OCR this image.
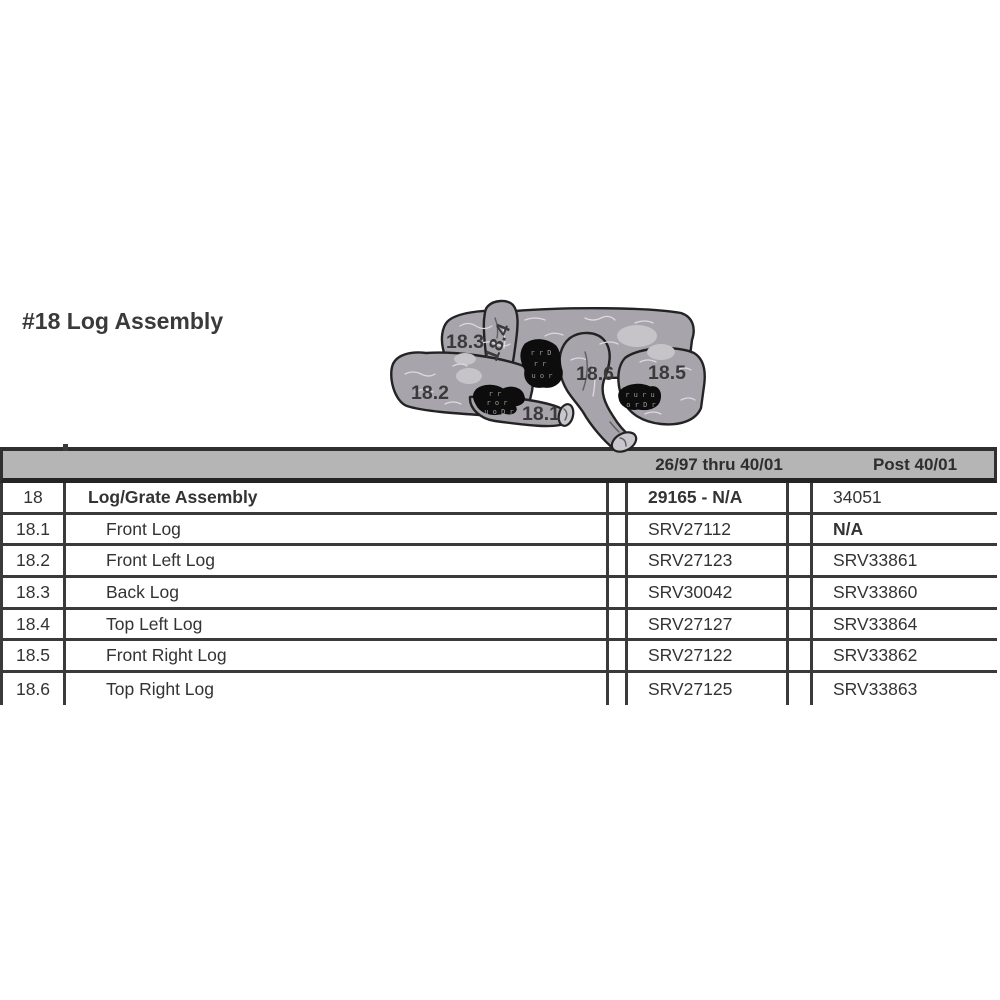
#18 Log Assembly
r r D
r r
u o r
r r
r o r
u o D r
r u r u
o r D r
18.3
18.4
18.2
18.1
18.6 18.5
26/97 thru 40/01	Post 40/01
18	Log/Grate Assembly	29165 - N/A	34051
18.1	Front Log	SRV27112	N/A
18.2	Front Left Log	SRV27123	SRV33861
18.3	Back Log	SRV30042	SRV33860
18.4	Top Left Log	SRV27127	SRV33864
18.5	Front Right Log	SRV27122	SRV33862
18.6	Top Right Log	SRV27125	SRV33863
